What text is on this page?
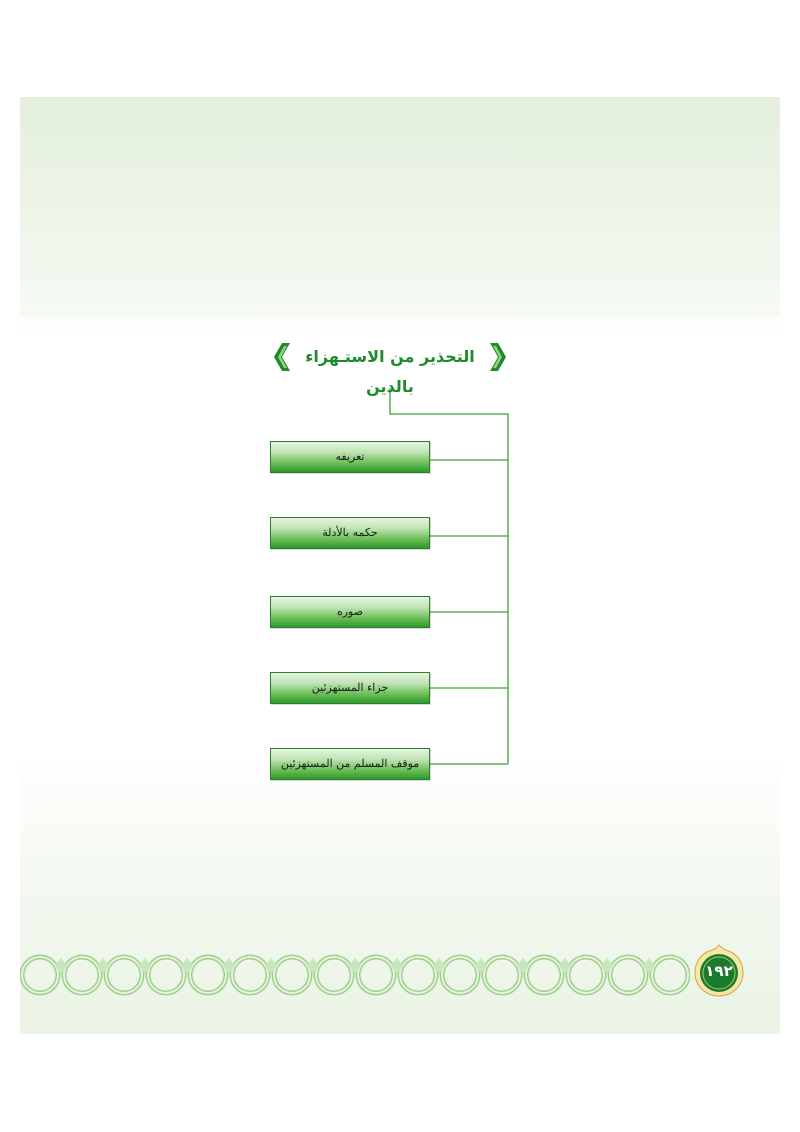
التحذير من الاستـهزاء بالدين
تعريفه
حكمه بالأدلة
صوره
جزاء المستهزئين
موقف المسلم من المستهزئين
١٩٢
